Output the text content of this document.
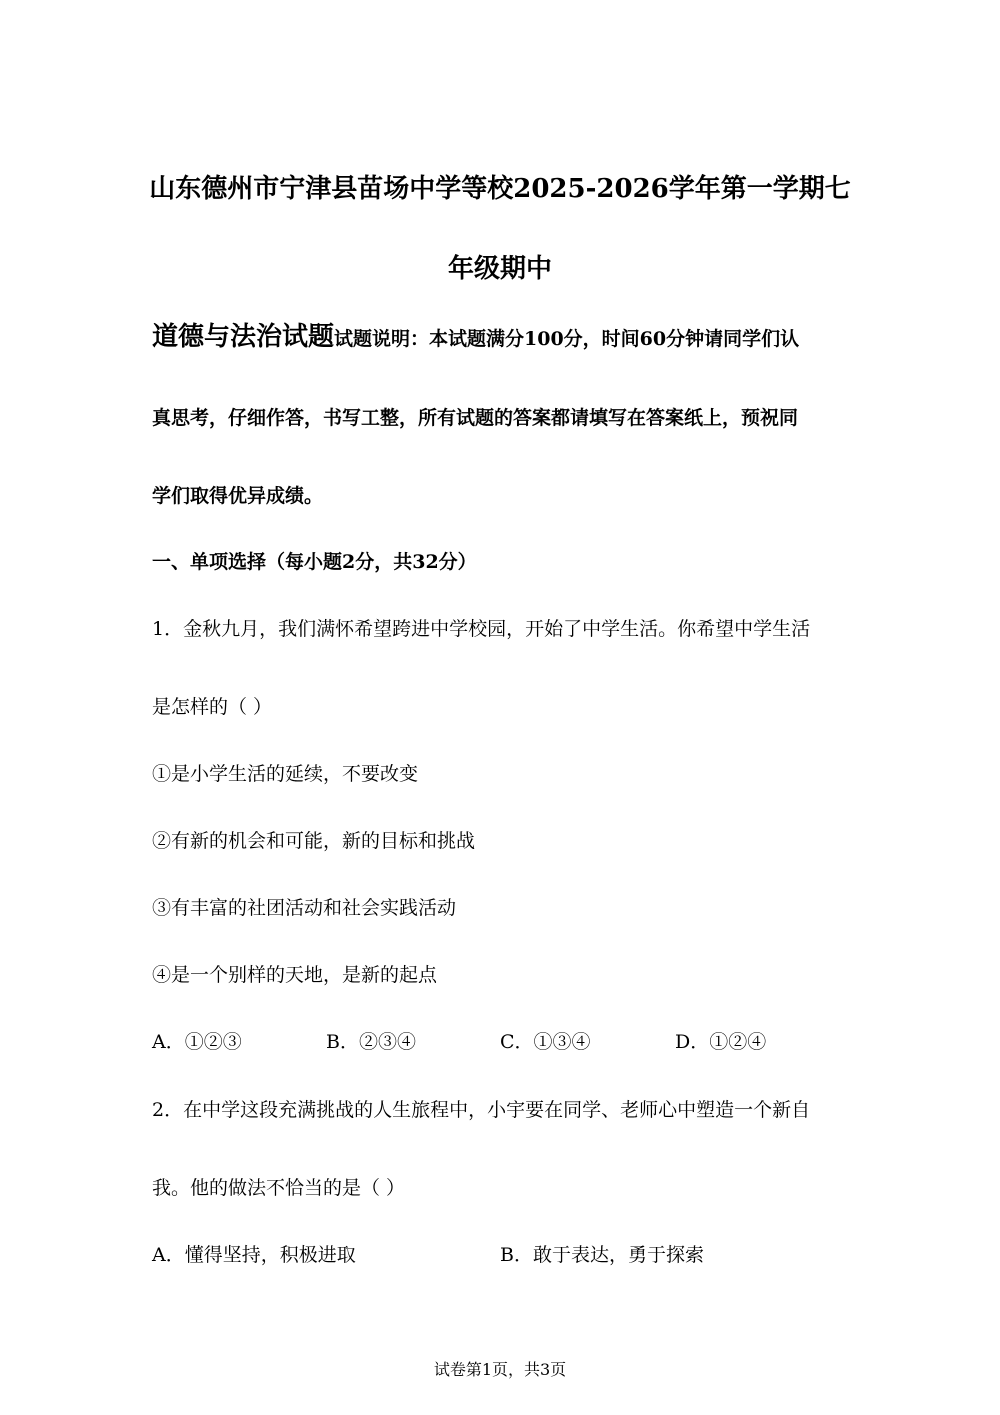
山东德州市宁津县苗场中学等校2025-2026学年第一学期七
年级期中
道德与法治试题试题说明：本试题满分100分，时间60分钟请同学们认
真思考，仔细作答，书写工整，所有试题的答案都请填写在答案纸上，预祝同
学们取得优异成绩。
一、单项选择（每小题2分，共32分）
1．金秋九月，我们满怀希望跨进中学校园，开始了中学生活。你希望中学生活
是怎样的（ ）
①是小学生活的延续，不要改变
②有新的机会和可能，新的目标和挑战
③有丰富的社团活动和社会实践活动
④是一个别样的天地，是新的起点
A．①②③	B．②③④	C．①③④	D．①②④
2．在中学这段充满挑战的人生旅程中，小宇要在同学、老师心中塑造一个新自
我。他的做法不恰当的是（ ）
A．懂得坚持，积极进取	B．敢于表达，勇于探索
试卷第1页，共3页
